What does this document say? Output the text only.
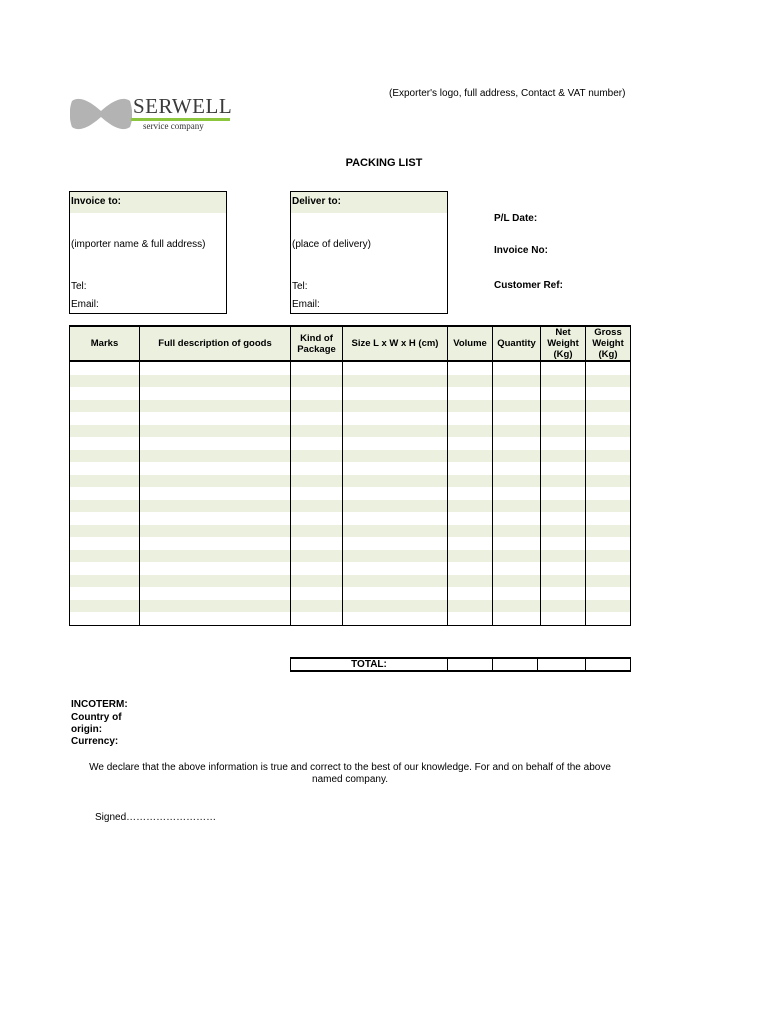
SERWELL
service company
(Exporter's logo, full address, Contact & VAT number)
PACKING LIST
Invoice to:
(importer name & full address)
Tel:
Email:
Deliver to:
(place of delivery)
Tel:
Email:
P/L Date:
Invoice No:
Customer Ref:
Marks	Full description of goods	Kind of Package	Size L x W x H (cm)	Volume	Quantity	Net Weight (Kg)	Gross Weight (Kg)

TOTAL:				
INCOTERM:
Country of origin:
Currency:
We declare that the above information is true and correct to the best of our knowledge. For and on behalf of the above named company.
Signed………………………
